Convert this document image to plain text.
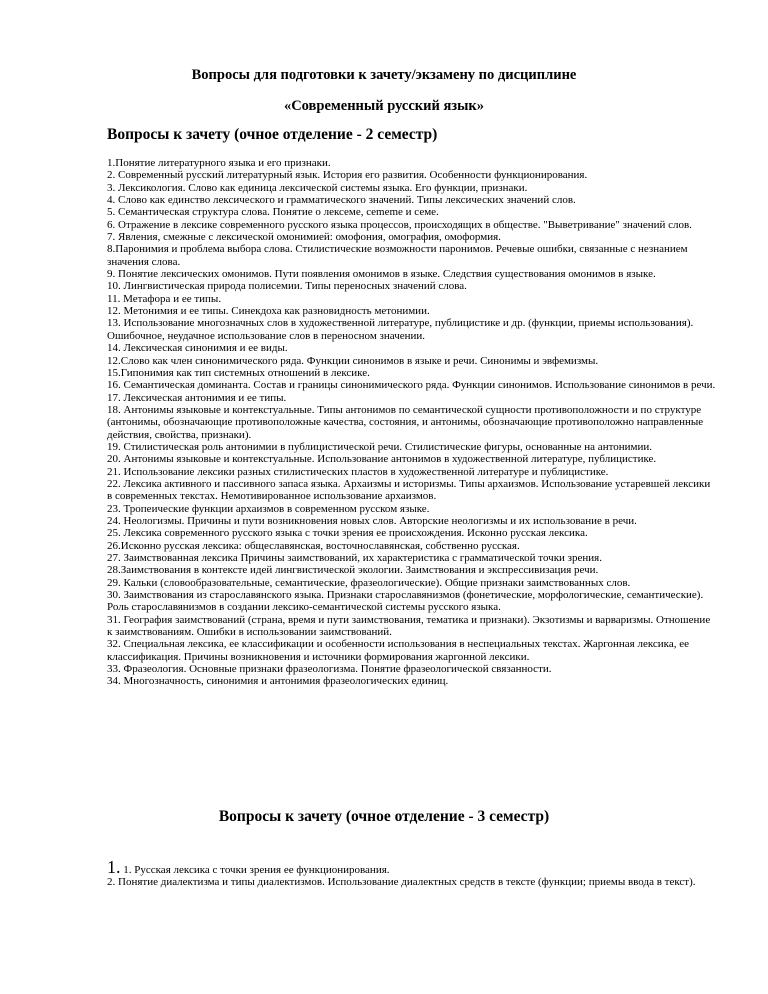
Вопросы для подготовки к зачету/экзамену по дисциплине
«Современный русский язык»
Вопросы к зачету (очное отделение - 2 семестр)
1.Понятие литературного языка и его признаки.
2. Современный русский литературный язык. История его развития. Особенности функционирования.
3. Лексикология. Слово как единица лексической системы языка. Его функции, признаки.
4. Слово как единство лексического и грамматического значений. Типы лексических значений слов.
5. Семантическая структура слова. Понятие о лексеме, сememe и семе.
6. Отражение в лексике современного русского языка процессов, происходящих в обществе. "Выветривание" значений слов.
7. Явления, смежные с лексической омонимией: омофония, омография, омоформия.
8.Паронимия и проблема выбора слова. Стилистические возможности паронимов. Речевые ошибки, связанные с незнанием значения слова.
9. Понятие лексических омонимов. Пути появления омонимов в языке. Следствия существования омонимов в языке.
10. Лингвистическая природа полисемии. Типы переносных значений слова.
11. Метафора и ее типы.
12. Метонимия и ее типы. Синекдоха как разновидность метонимии.
13. Использование многозначных слов в художественной литературе, публицистике и др. (функции, приемы использования). Ошибочное, неудачное использование слов в переносном значении.
14. Лексическая синонимия и ее виды.
12.Слово как член синонимического ряда. Функции синонимов в языке и речи. Синонимы и эвфемизмы.
15.Гипонимия как тип системных отношений в лексике.
16. Семантическая доминанта. Состав и границы синонимического ряда. Функции синонимов. Использование синонимов в речи.
17. Лексическая антонимия и ее типы.
18. Антонимы языковые и контекстуальные. Типы антонимов по семантической сущности противоположности и по структуре (антонимы, обозначающие противоположные качества, состояния, и антонимы, обозначающие противоположно направленные действия, свойства, признаки).
19. Стилистическая роль антонимии в публицистической речи. Стилистические фигуры, основанные на антонимии.
20. Антонимы языковые и контекстуальные. Использование антонимов в художественной литературе, публицистике.
21. Использование лексики разных стилистических пластов в художественной литературе и публицистике.
22. Лексика активного и пассивного запаса языка. Архаизмы и историзмы. Типы архаизмов. Использование устаревшей лексики в современных текстах. Немотивированное использование архаизмов.
23. Тропеические функции архаизмов в современном русском языке.
24. Неологизмы. Причины и пути возникновения новых слов. Авторские неологизмы и их использование в речи.
25. Лексика современного русского языка с точки зрения ее происхождения. Исконно русская лексика.
26.Исконно русская лексика: общеславянская, восточнославянская, собственно русская.
27. Заимствованная лексика Причины заимствований, их характеристика с грамматической точки зрения.
28.Заимствования в контексте идей лингвистической экологии. Заимствования и экспрессивизация речи.
29. Кальки (словообразовательные, семантические, фразеологические). Общие признаки заимствованных слов.
30. Заимствования из старославянского языка. Признаки старославянизмов (фонетические, морфологические, семантические). Роль старославянизмов в создании лексико-семантической системы русского языка.
31. География заимствований (страна, время и пути заимствования, тематика и признаки). Экзотизмы и варваризмы. Отношение к заимствованиям. Ошибки в использовании заимствований.
32. Специальная лексика, ее классификации и особенности использования в неспециальных текстах. Жаргонная лексика, ее классификация. Причины возникновения и источники формирования жаргонной лексики.
33. Фразеология. Основные признаки фразеологизма. Понятие фразеологической связанности.
34. Многозначность, синонимия и антонимия фразеологических единиц.
Вопросы к зачету (очное отделение - 3 семестр)
1. 1. Русская лексика с точки зрения ее функционирования.
2. Понятие диалектизма и типы диалектизмов. Использование диалектных средств в тексте (функции; приемы ввода в текст).
